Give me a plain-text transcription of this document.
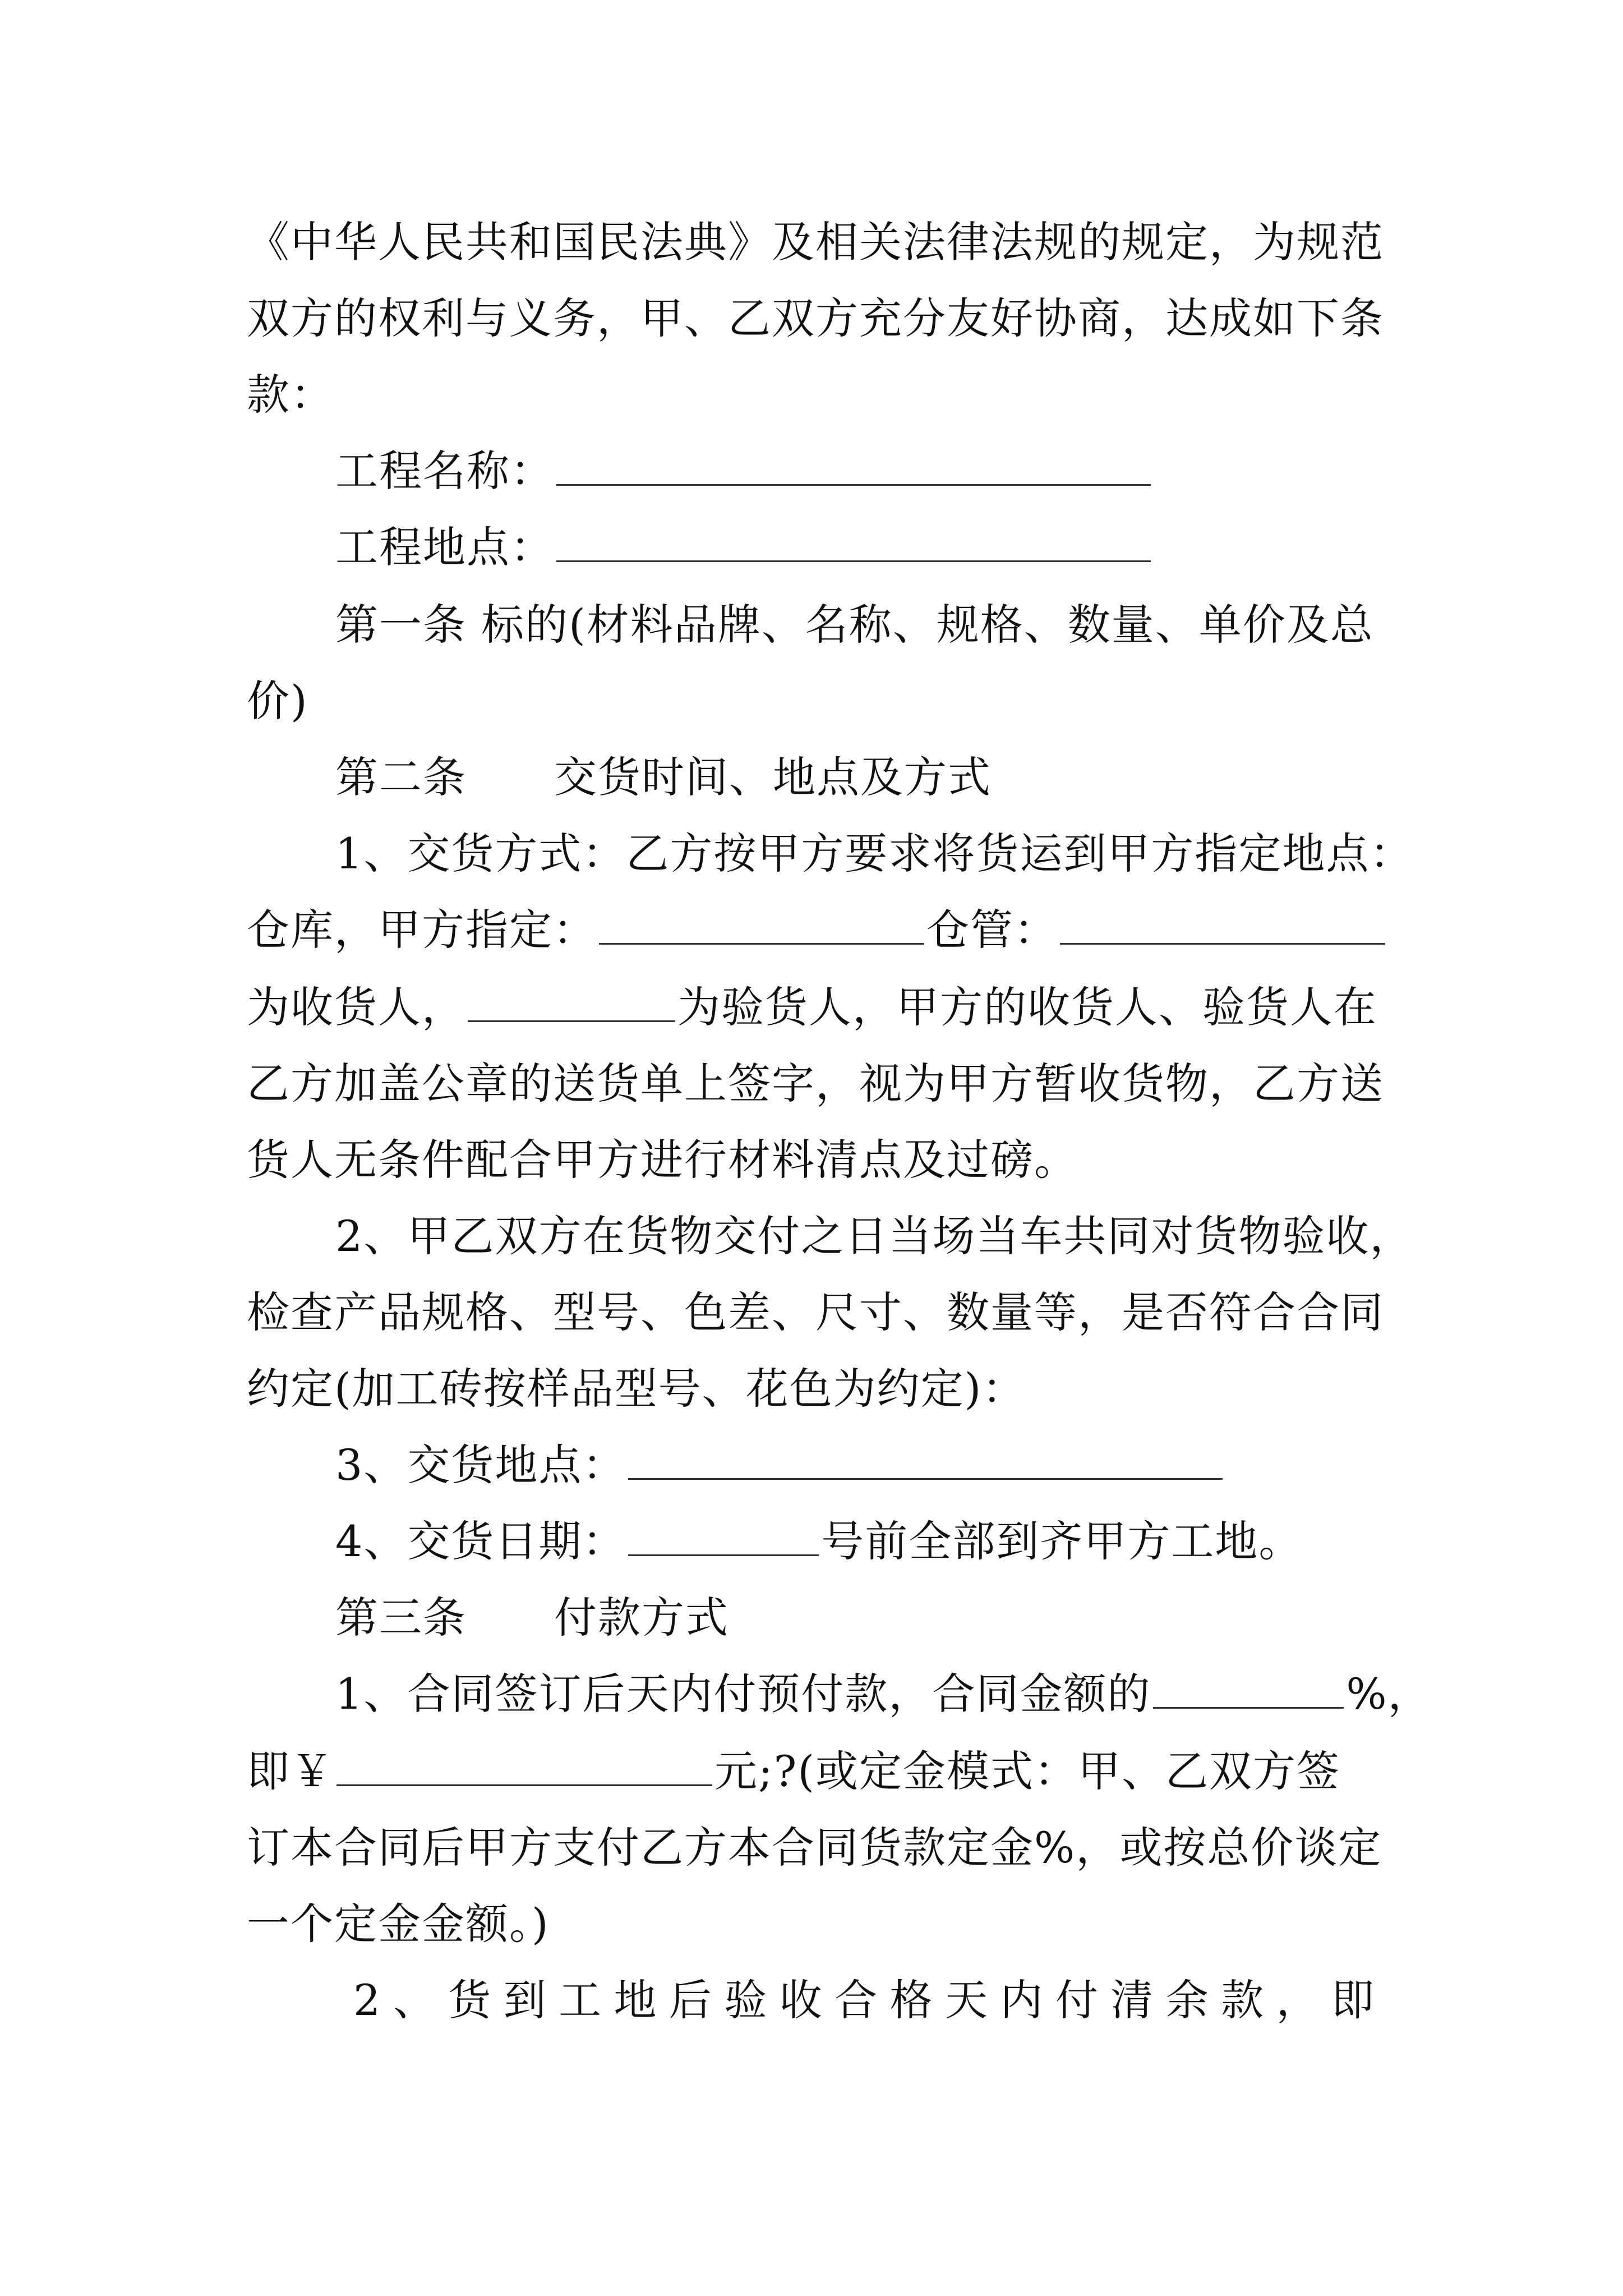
《中华人民共和国民法典》及相关法律法规的规定，为规范
双方的权利与义务，甲、乙双方充分友好协商，达成如下条
款：
工程名称：
工程地点：
第一条 标的(材料品牌、名称、规格、数量、单价及总
价)
第二条　　交货时间、地点及方式
1、交货方式：乙方按甲方要求将货运到甲方指定地点：
仓库，甲方指定：	仓管：
为收货人，	为验货人，甲方的收货人、验货人在
乙方加盖公章的送货单上签字，视为甲方暂收货物，乙方送
货人无条件配合甲方进行材料清点及过磅。
2、甲乙双方在货物交付之日当场当车共同对货物验收，
检查产品规格、型号、色差、尺寸、数量等，是否符合合同
约定(加工砖按样品型号、花色为约定)：
3、交货地点：
4、交货日期：	号前全部到齐甲方工地。
第三条　　付款方式
1、合同签订后天内付预付款，合同金额的	%，
即￥	元;?(或定金模式：甲、乙双方签
订本合同后甲方支付乙方本合同货款定金%，或按总价谈定
一个定金金额。)
2 、 货 到 工 地 后 验 收 合 格 天 内 付 清 余 款 ， 即
